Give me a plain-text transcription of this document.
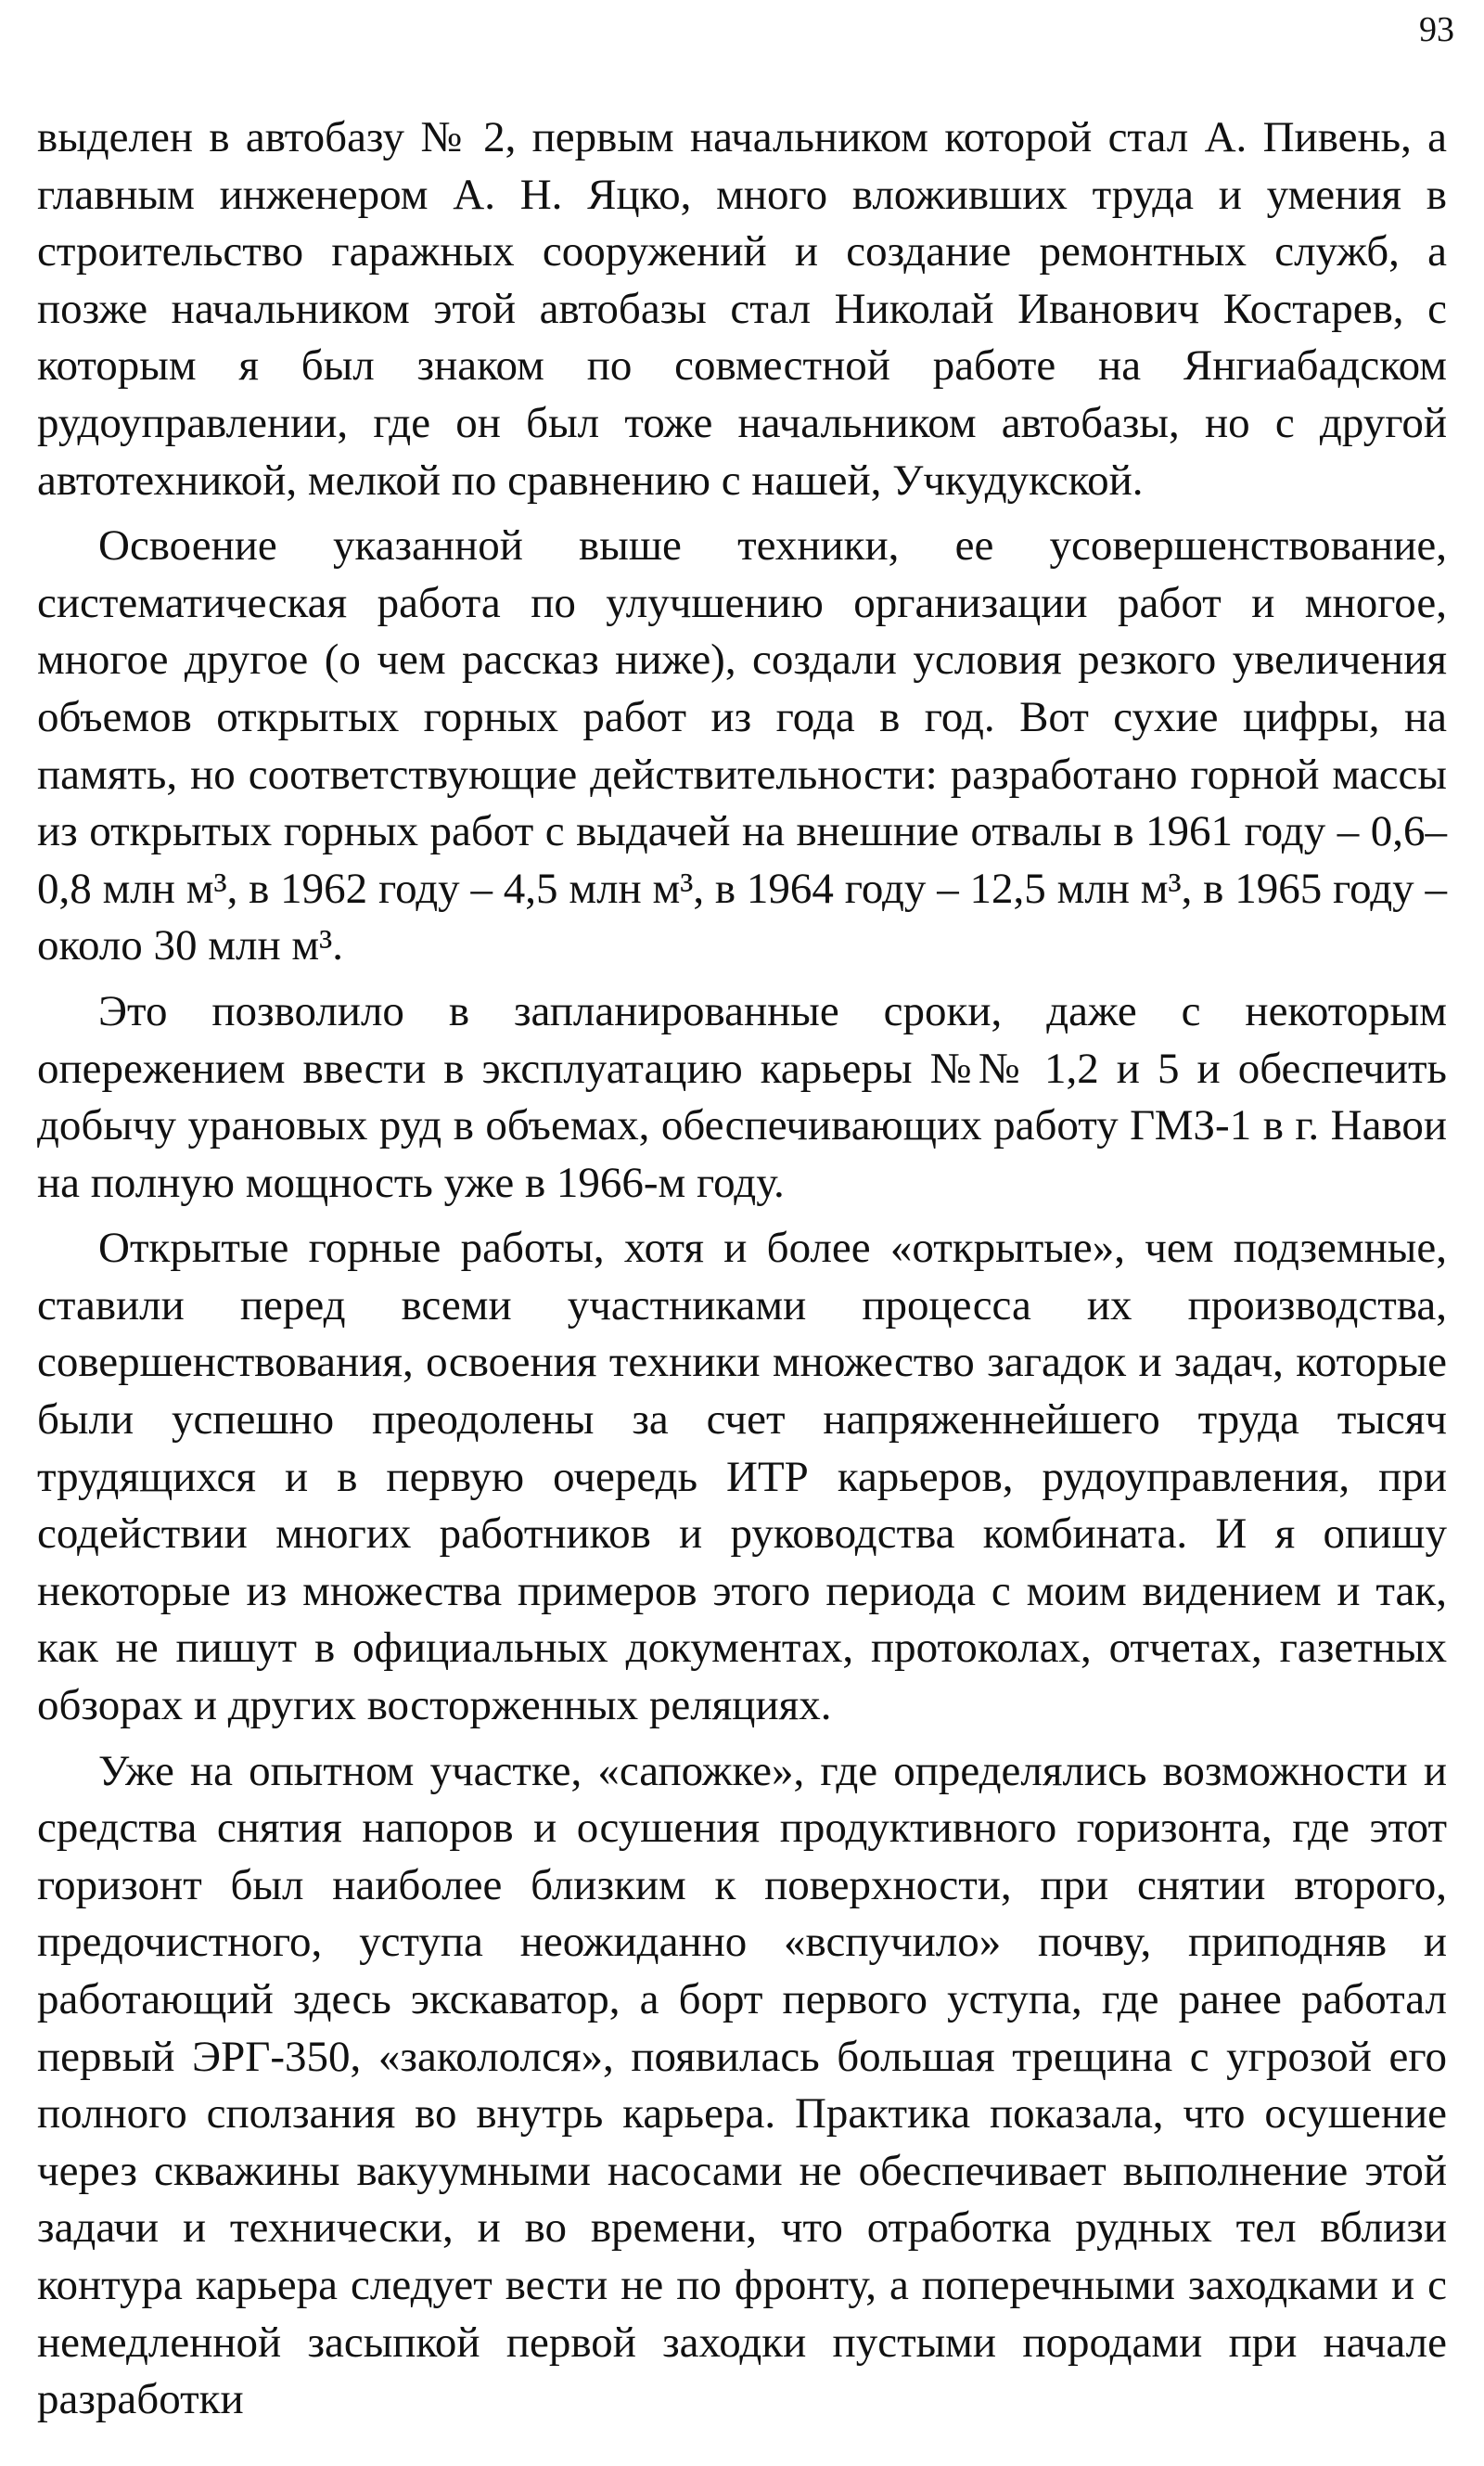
93

выделен в автобазу № 2, первым начальником которой стал А. Пивень, а главным инженером А. Н. Яцко, много вложивших труда и умения в строительство гаражных сооружений и создание ремонтных служб, а позже начальником этой автобазы стал Николай Иванович Костарев, с которым я был знаком по совместной работе на Янгиабадском рудоуправлении, где он был тоже начальником автобазы, но с другой автотехникой, мелкой по сравнению с нашей, Учкудукской.

Освоение указанной выше техники, ее усовершенствование, систематическая работа по улучшению организации работ и многое, многое другое (о чем рассказ ниже), создали условия резкого увеличения объемов открытых горных работ из года в год. Вот сухие цифры, на память, но соответствующие действительности: разработано горной массы из открытых горных работ с выдачей на внешние отвалы в 1961 году – 0,6–0,8 млн м³, в 1962 году – 4,5 млн м³, в 1964 году – 12,5 млн м³, в 1965 году – около 30 млн м³.

Это позволило в запланированные сроки, даже с некоторым опережением ввести в эксплуатацию карьеры №№ 1,2 и 5 и обеспечить добычу урановых руд в объемах, обеспечивающих работу ГМЗ-1 в г. Навои на полную мощность уже в 1966-м году.

Открытые горные работы, хотя и более «открытые», чем подземные, ставили перед всеми участниками процесса их производства, совершенствования, освоения техники множество загадок и задач, которые были успешно преодолены за счет напряженнейшего труда тысяч трудящихся и в первую очередь ИТР карьеров, рудоуправления, при содействии многих работников и руководства комбината. И я опишу некоторые из множества примеров этого периода с моим видением и так, как не пишут в официальных документах, протоколах, отчетах, газетных обзорах и других восторженных реляциях.

Уже на опытном участке, «сапожке», где определялись возможности и средства снятия напоров и осушения продуктивного горизонта, где этот горизонт был наиболее близким к поверхности, при снятии второго, предочистного, уступа неожиданно «вспучило» почву, приподняв и работающий здесь экскаватор, а борт первого уступа, где ранее работал первый ЭРГ-350, «закололся», появилась большая трещина с угрозой его полного сползания во внутрь карьера. Практика показала, что осушение через скважины вакуумными насосами не обеспечивает выполнение этой задачи и технически, и во времени, что отработка рудных тел вблизи контура карьера следует вести не по фронту, а поперечными заходками и с немедленной засыпкой первой заходки пустыми породами при начале разработки
